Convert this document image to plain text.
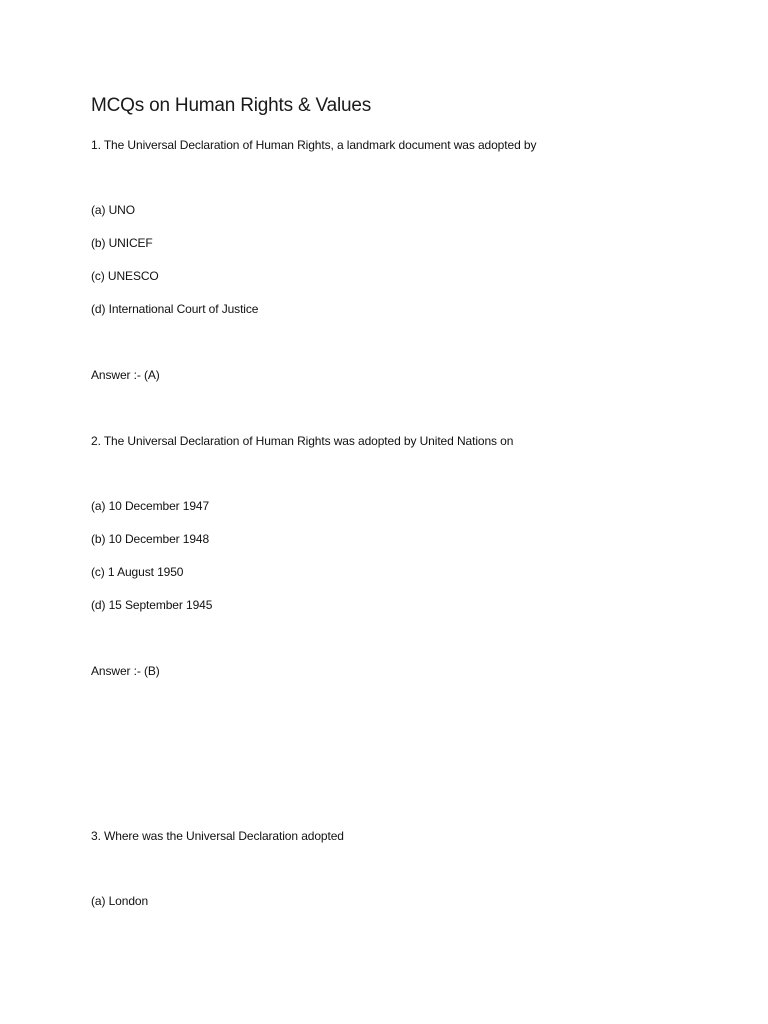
MCQs on Human Rights & Values
1. The Universal Declaration of Human Rights, a landmark document was adopted by
(a) UNO
(b) UNICEF
(c) UNESCO
(d) International Court of Justice
Answer :- (A)
2. The Universal Declaration of Human Rights was adopted by United Nations on
(a) 10 December 1947
(b) 10 December 1948
(c) 1 August 1950
(d) 15 September 1945
Answer :- (B)
3. Where was the Universal Declaration adopted
(a) London
